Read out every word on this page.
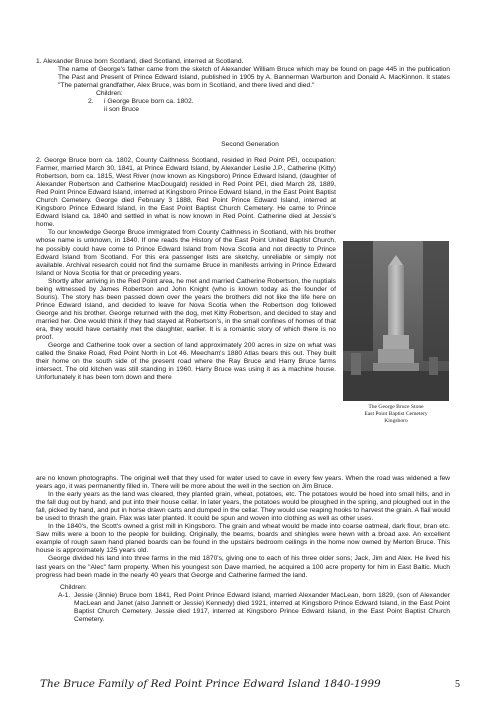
1. Alexander Bruce born Scotland, died Scotland, interred at Scotland.

The name of George's father came from the sketch of Alexander William Bruce which may be found on page 445 in the publication The Past and Present of Prince Edward Island, published in 1905 by A. Bannerman Warburton and Donald A. MacKinnon. It states "The paternal grandfather, Alex Bruce, was born in Scotland, and there lived and died."

Children:

2.	i George Bruce born ca. 1802.
ii son Bruce
Second Generation

2. George Bruce born ca. 1802, County Caithness Scotland, resided in Red Point PEI, occupation: Farmer, married March 30, 1841, at Prince Edward Island, by Alexander Leslie J.P., Catherine (Kitty) Robertson, born ca. 1815, West River (now known as Kingsboro) Prince Edward Island, (daughter of Alexander Robertson and Catherine MacDougald) resided in Red Point PEI, died March 28, 1889, Red Point Prince Edward Island, interred at Kingsboro Prince Edward Island, in the East Point Baptist Church Cemetery. George died February 3 1888, Red Point Prince Edward Island, interred at Kingsboro Prince Edward Island, in the East Point Baptist Church Cemetery. He came to Prince Edward Island ca. 1840 and settled in what is now known in Red Point. Catherine died at Jessie's home.

To our knowledge George Bruce immigrated from County Caithness in Scotland, with his brother whose name is unknown, in 1840. If one reads the History of the East Point United Baptist Church, he possibly could have come to Prince Edward Island from Nova Scotia and not directly to Prince Edward Island from Scotland. For this era passenger lists are sketchy, unreliable or simply not available. Archival research could not find the surname Bruce in manifests arriving in Prince Edward Island or Nova Scotia for that or preceding years.

Shortly after arriving in the Red Point area, he met and married Catherine Robertson, the nuptials being witnessed by James Robertson and John Knight (who is known today as the founder of Souris). The story has been passed down over the years the brothers did not like the life here on Prince Edward Island, and decided to leave for Nova Scotia when the Robertson dog followed George and his brother. George returned with the dog, met Kitty Robertson, and decided to stay and married her. One would think if they had stayed at Robertson's, in the small confines of homes of that era, they would have certainly met the daughter, earlier. It is a romantic story of which there is no proof.

George and Catherine took over a section of land approximately 200 acres in size on what was called the Snake Road, Red Point North in Lot 46. Meecham's 1880 Atlas bears this out. They built their home on the south side of the present road where the Ray Bruce and Harry Bruce farms intersect. The old kitchen was still standing in 1960. Harry Bruce was using it as a machine house. Unfortunately it has been torn down and there

The George Bruce Stone
East Point Baptist Cemetery
Kingsboro

are no known photographs. The original well that they used for water used to cave in every few years. When the road was widened a few years ago, it was permanently filled in. There will be more about the well in the section on Jim Bruce.

In the early years as the land was cleared, they planted grain, wheat, potatoes, etc. The potatoes would be hoed into small hills, and in the fall dug out by hand, and put into their house cellar. In later years, the potatoes would be ploughed in the spring, and ploughed out in the fall, picked by hand, and put in horse drawn carts and dumped in the cellar. They would use reaping hooks to harvest the grain. A flail would be used to thrash the grain. Flax was later planted. It could be spun and woven into clothing as well as other uses.

In the 1840's, the Scott's owned a grist mill in Kingsboro. The grain and wheat would be made into coarse oatmeal, dark flour, bran etc. Saw mills were a boon to the people for building. Originally, the beams, boards and shingles were hewn with a broad axe. An excellent example of rough sawn hand planed boards can be found in the upstairs bedroom ceilings in the home now owned by Merton Bruce. This house is approximately 125 years old.

George divided his land into three farms in the mid 1870's, giving one to each of his three older sons; Jack, Jim and Alex. He lived his last years on the "Alec" farm property. When his youngest son Dave married, he acquired a 100 acre property for him in East Baltic. Much progress had been made in the nearly 40 years that George and Catherine farmed the land.

Children:

A-1. Jessie (Jinnie) Bruce born 1841, Red Point Prince Edward Island, married Alexander MacLean, born 1829, (son of Alexander MacLean and Janet (also Jannett or Jessie) Kennedy) died 1921, interred at Kingsboro Prince Edward Island, in the East Point Baptist Church Cemetery. Jessie died 1917, interred at Kingsboro Prince Edward Island, in the East Point Baptist Church Cemetery.
The Bruce Family of Red Point Prince Edward Island 1840-1999	5
